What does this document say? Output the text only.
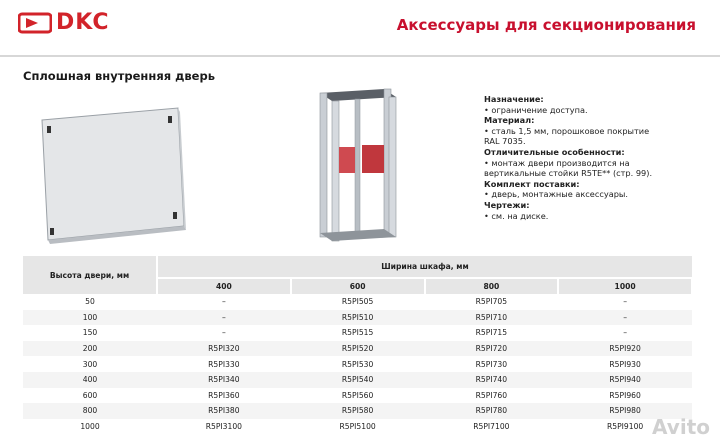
DKC	Аксессуары для секционирования
Сплошная внутренняя дверь
Назначение:
• ограничение доступа.
Материал:
• сталь 1,5 мм, порошковое покрытие
RAL 7035.
Отличительные особенности:
• монтаж двери производится на
вертикальные стойки R5TE** (стр. 99).
Комплект поставки:
• дверь, монтажные аксессуары.
Чертежи:
• см. на диске.
Высота двери, мм	Ширина шкафа, мм			
	400	600	800	1000
50	–	R5PI505	R5PI705	–
100	–	R5PI510	R5PI710	–
150	–	R5PI515	R5PI715	–
200	R5PI320	R5PI520	R5PI720	R5PI920
300	R5PI330	R5PI530	R5PI730	R5PI930
400	R5PI340	R5PI540	R5PI740	R5PI940
600	R5PI360	R5PI560	R5PI760	R5PI960
800	R5PI380	R5PI580	R5PI780	R5PI980
1000	R5PI3100	R5PI5100	R5PI7100	R5PI9100 Avito
